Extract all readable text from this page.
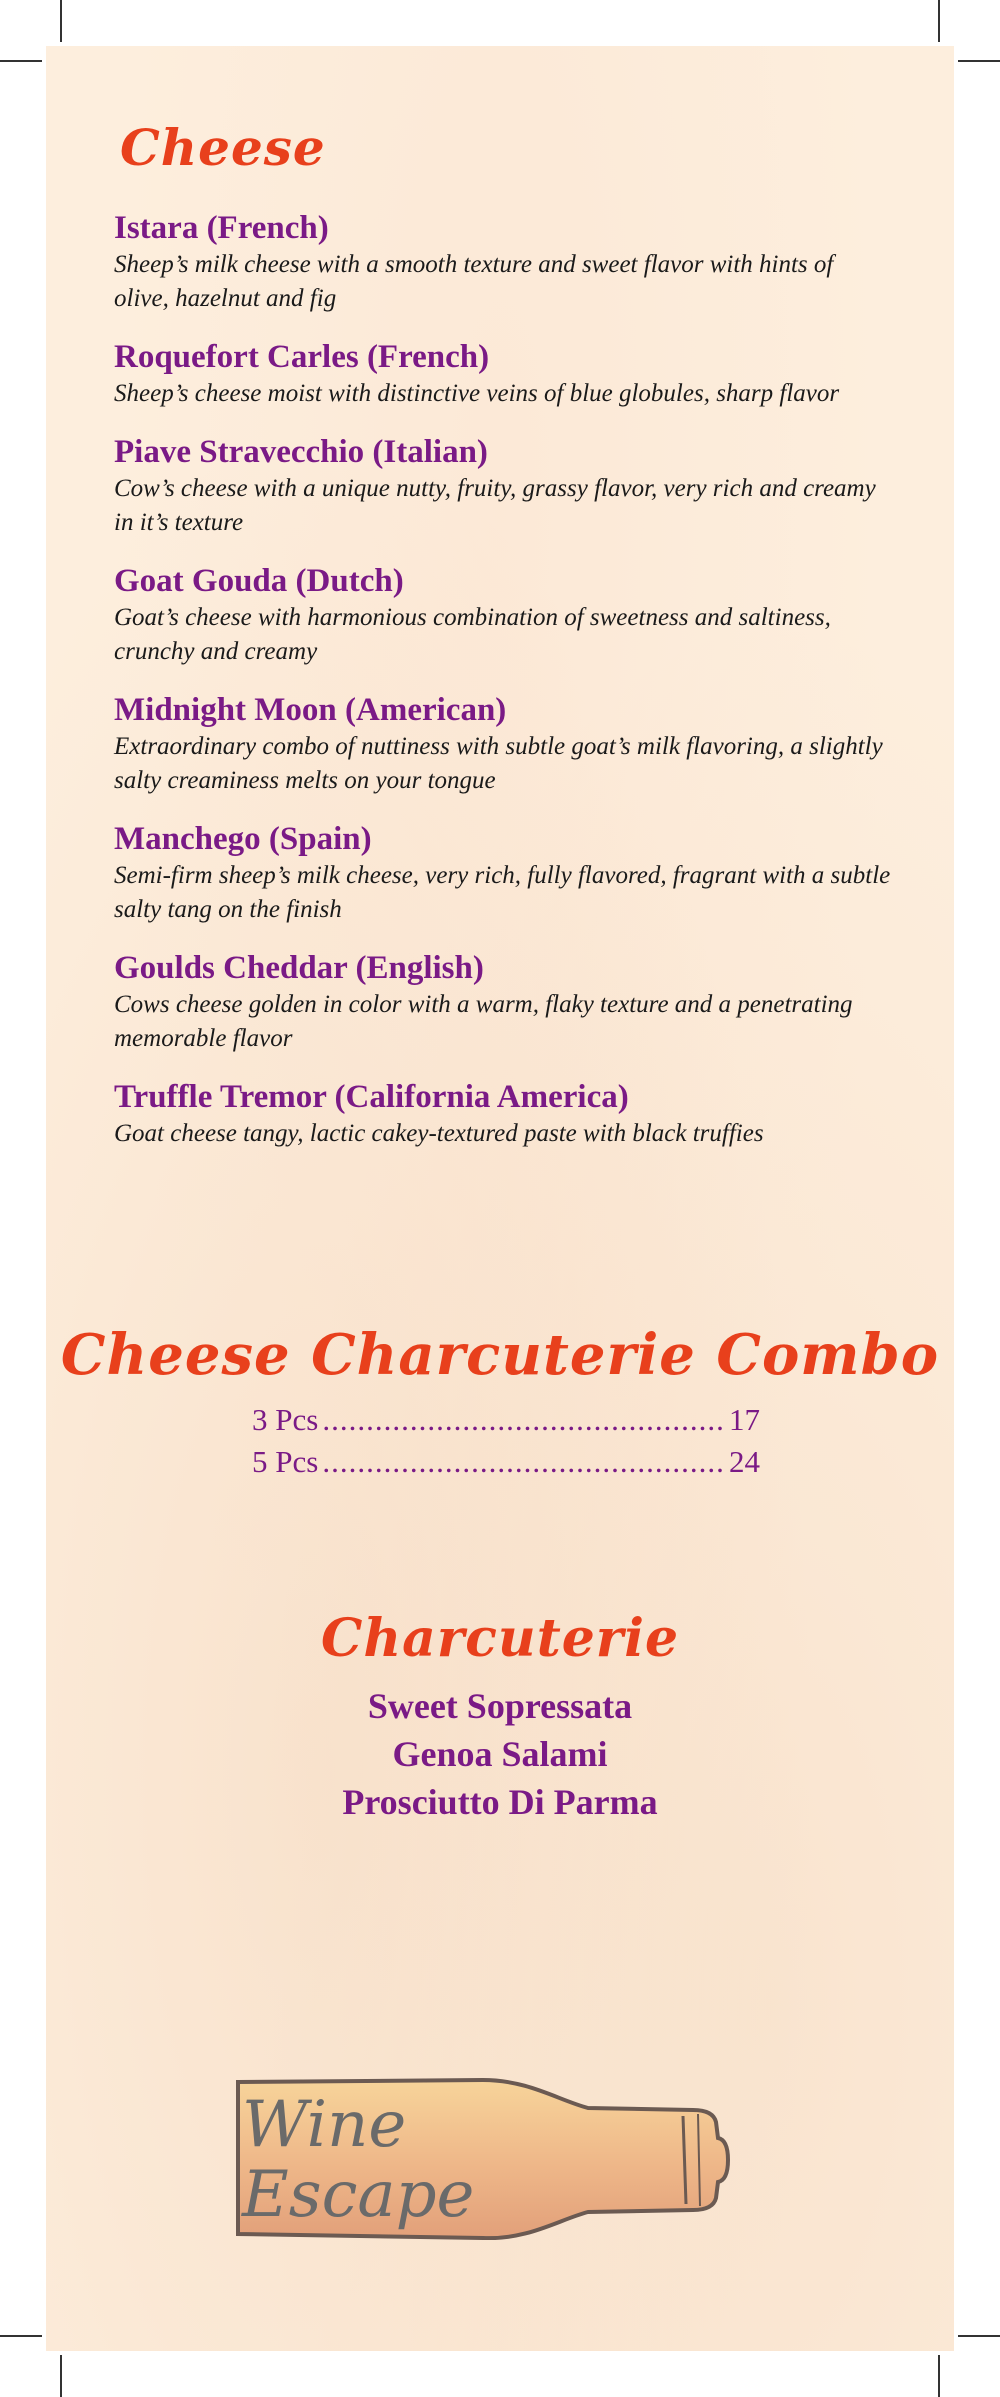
Cheese
Istara (French)
Sheep’s milk cheese with a smooth texture and sweet flavor with hints of olive, hazelnut and fig
Roquefort Carles (French)
Sheep’s cheese moist with distinctive veins of blue globules, sharp flavor
Piave Stravecchio (Italian)
Cow’s cheese with a unique nutty, fruity, grassy flavor, very rich and creamy in it’s texture
Goat Gouda (Dutch)
Goat’s cheese with harmonious combination of sweetness and saltiness, crunchy and creamy
Midnight Moon (American)
Extraordinary combo of nuttiness with subtle goat’s milk flavoring, a slightly salty creaminess melts on your tongue
Manchego (Spain)
Semi-firm sheep’s milk cheese, very rich, fully flavored, fragrant with a subtle salty tang on the finish
Goulds Cheddar (English)
Cows cheese golden in color with a warm, flaky texture and a penetrating memorable flavor
Truffle Tremor (California America)
Goat cheese tangy, lactic cakey-textured paste with black truffies
Cheese Charcuterie Combo
3 Pcs .....	17
5 Pcs .....	24
Charcuterie
Sweet Sopressata
Genoa Salami
Prosciutto Di Parma
Wine
Escape
